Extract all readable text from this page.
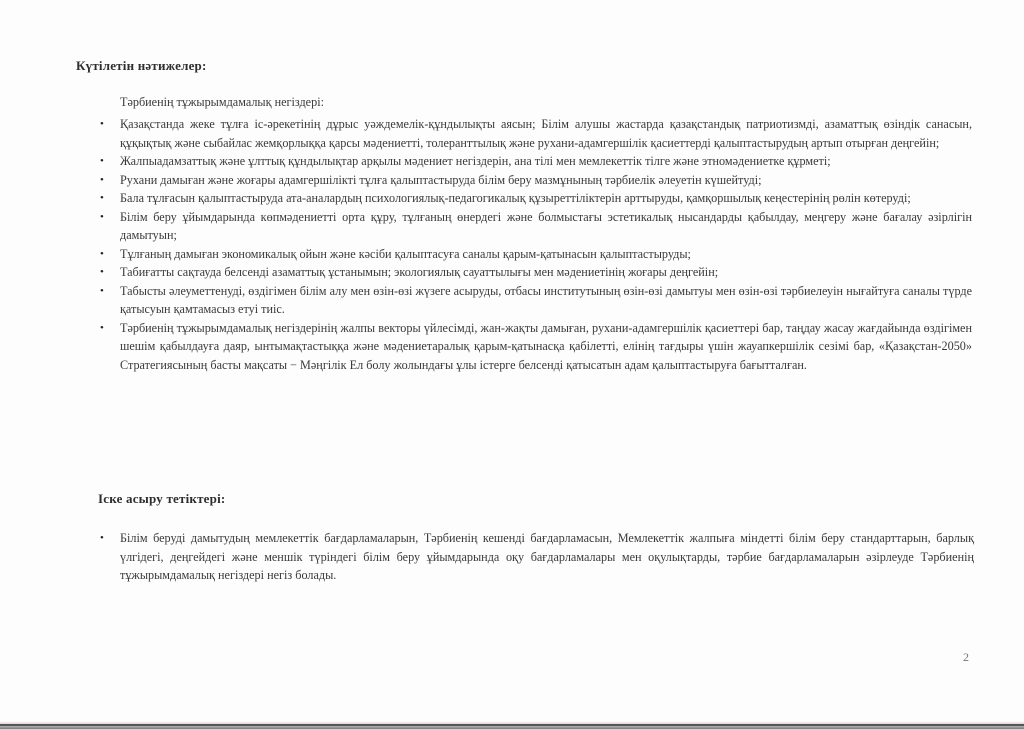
Күтілетін нәтижелер:
Тәрбиенің тұжырымдамалық негіздері:
• Қазақстанда жеке тұлға іс-әрекетінің дұрыс уәждемелік-құндылықты аясын; Білім алушы жастарда қазақстандық патриотизмді, азаматтық өзіндік санасын, құқықтық және сыбайлас жемқорлыққа қарсы мәдениетті, толеранттылық және рухани-адамгершілік қасиеттерді қалыптастырудың артып отырған деңгейін;
• Жалпыадамзаттық және ұлттық құндылықтар арқылы мәдениет негіздерін, ана тілі мен мемлекеттік тілге және этномәдениетке құрметі;
• Рухани дамыған және жоғары адамгершілікті тұлға қалыптастыруда білім беру мазмұнының тәрбиелік әлеуетін күшейтуді;
• Бала тұлғасын қалыптастыруда ата-аналардың психологиялық-педагогикалық құзыреттіліктерін арттыруды, қамқоршылық кеңестерінің рөлін көтеруді;
• Білім беру ұйымдарында көпмәдениетті орта құру, тұлғаның өнердегі және болмыстағы эстетикалық нысандарды қабылдау, меңгеру және бағалау әзірлігін дамытуын;
• Тұлғаның дамыған экономикалық ойын және кәсіби қалыптасуға саналы қарым-қатынасын қалыптастыруды;
• Табиғатты сақтауда белсенді азаматтық ұстанымын; экологиялық сауаттылығы мен мәдениетінің жоғары деңгейін;
• Табысты әлеуметтенуді, өздігімен білім алу мен өзін-өзі жүзеге асыруды, отбасы институтының өзін-өзі дамытуы мен өзін-өзі тәрбиелеуін нығайтуға саналы түрде қатысуын қамтамасыз етуі тиіс.
• Тәрбиенің тұжырымдамалық негіздерінің жалпы векторы үйлесімді, жан-жақты дамыған, рухани-адамгершілік қасиеттері бар, таңдау жасау жағдайында өздігімен шешім қабылдауға даяр, ынтымақтастыққа және мәдениетаралық қарым-қатынасқа қабілетті, елінің тағдыры үшін жауапкершілік сезімі бар, «Қазақстан-2050» Стратегиясының басты мақсаты − Мәңгілік Ел болу жолындағы ұлы істерге белсенді қатысатын адам қалыптастыруға бағытталған.
Іске асыру тетіктері:
• Білім беруді дамытудың мемлекеттік бағдарламаларын, Тәрбиенің кешенді бағдарламасын, Мемлекеттік жалпыға міндетті білім беру стандарттарын, барлық үлгідегі, деңгейдегі және меншік түріндегі білім беру ұйымдарында оқу бағдарламалары мен оқулықтарды, тәрбие бағдарламаларын әзірлеуде Тәрбиенің тұжырымдамалық негіздері негіз болады.
2
